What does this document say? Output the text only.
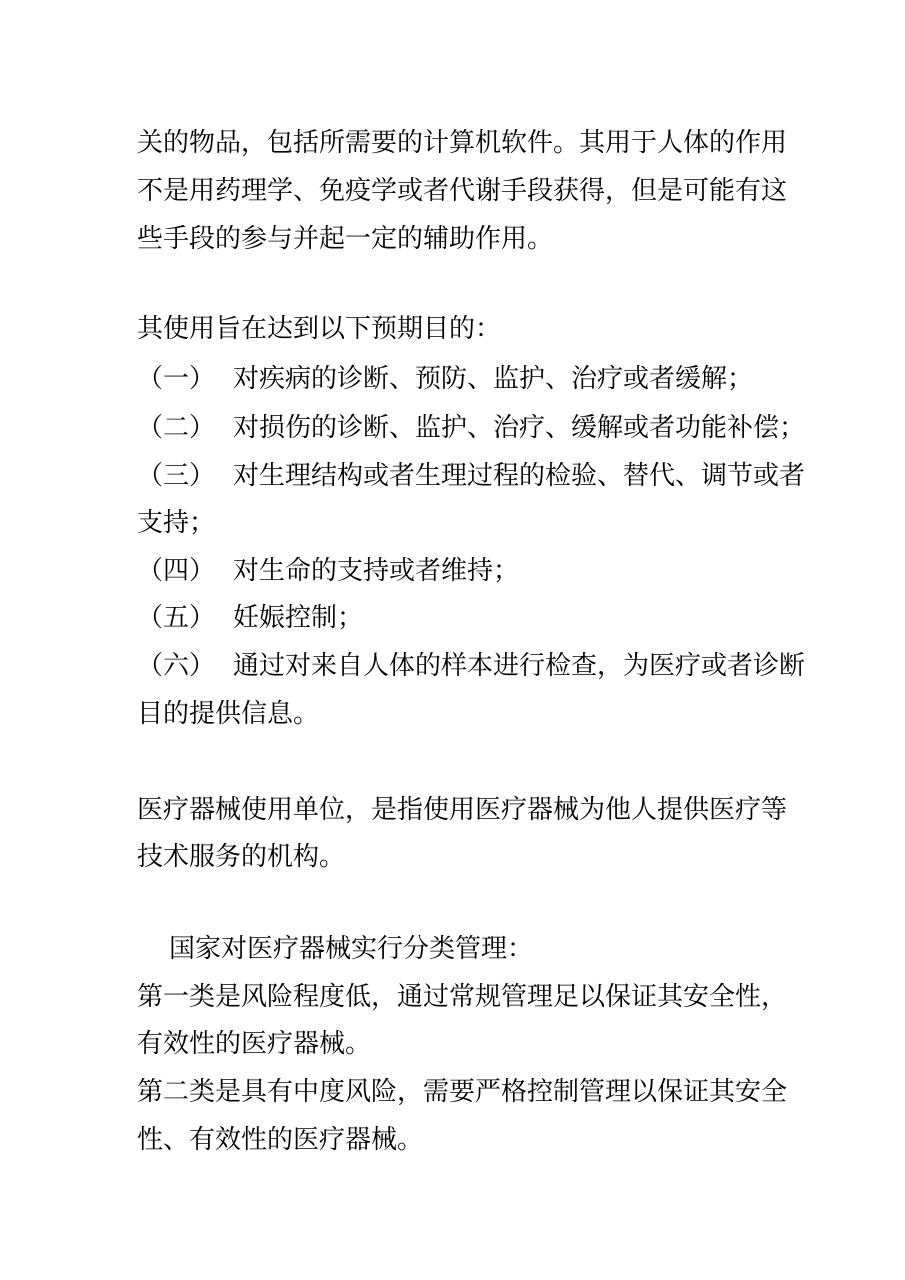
关的物品，包括所需要的计算机软件。其用于人体的作用
不是用药理学、免疫学或者代谢手段获得，但是可能有这
些手段的参与并起一定的辅助作用。
其使用旨在达到以下预期目的：
（一） 对疾病的诊断、预防、监护、治疗或者缓解；
（二） 对损伤的诊断、监护、治疗、缓解或者功能补偿；
（三） 对生理结构或者生理过程的检验、替代、调节或者
支持；
（四） 对生命的支持或者维持；
（五） 妊娠控制；
（六） 通过对来自人体的样本进行检查，为医疗或者诊断
目的提供信息。
医疗器械使用单位，是指使用医疗器械为他人提供医疗等
技术服务的机构。
国家对医疗器械实行分类管理：
第一类是风险程度低，通过常规管理足以保证其安全性，
有效性的医疗器械。
第二类是具有中度风险，需要严格控制管理以保证其安全
性、有效性的医疗器械。
